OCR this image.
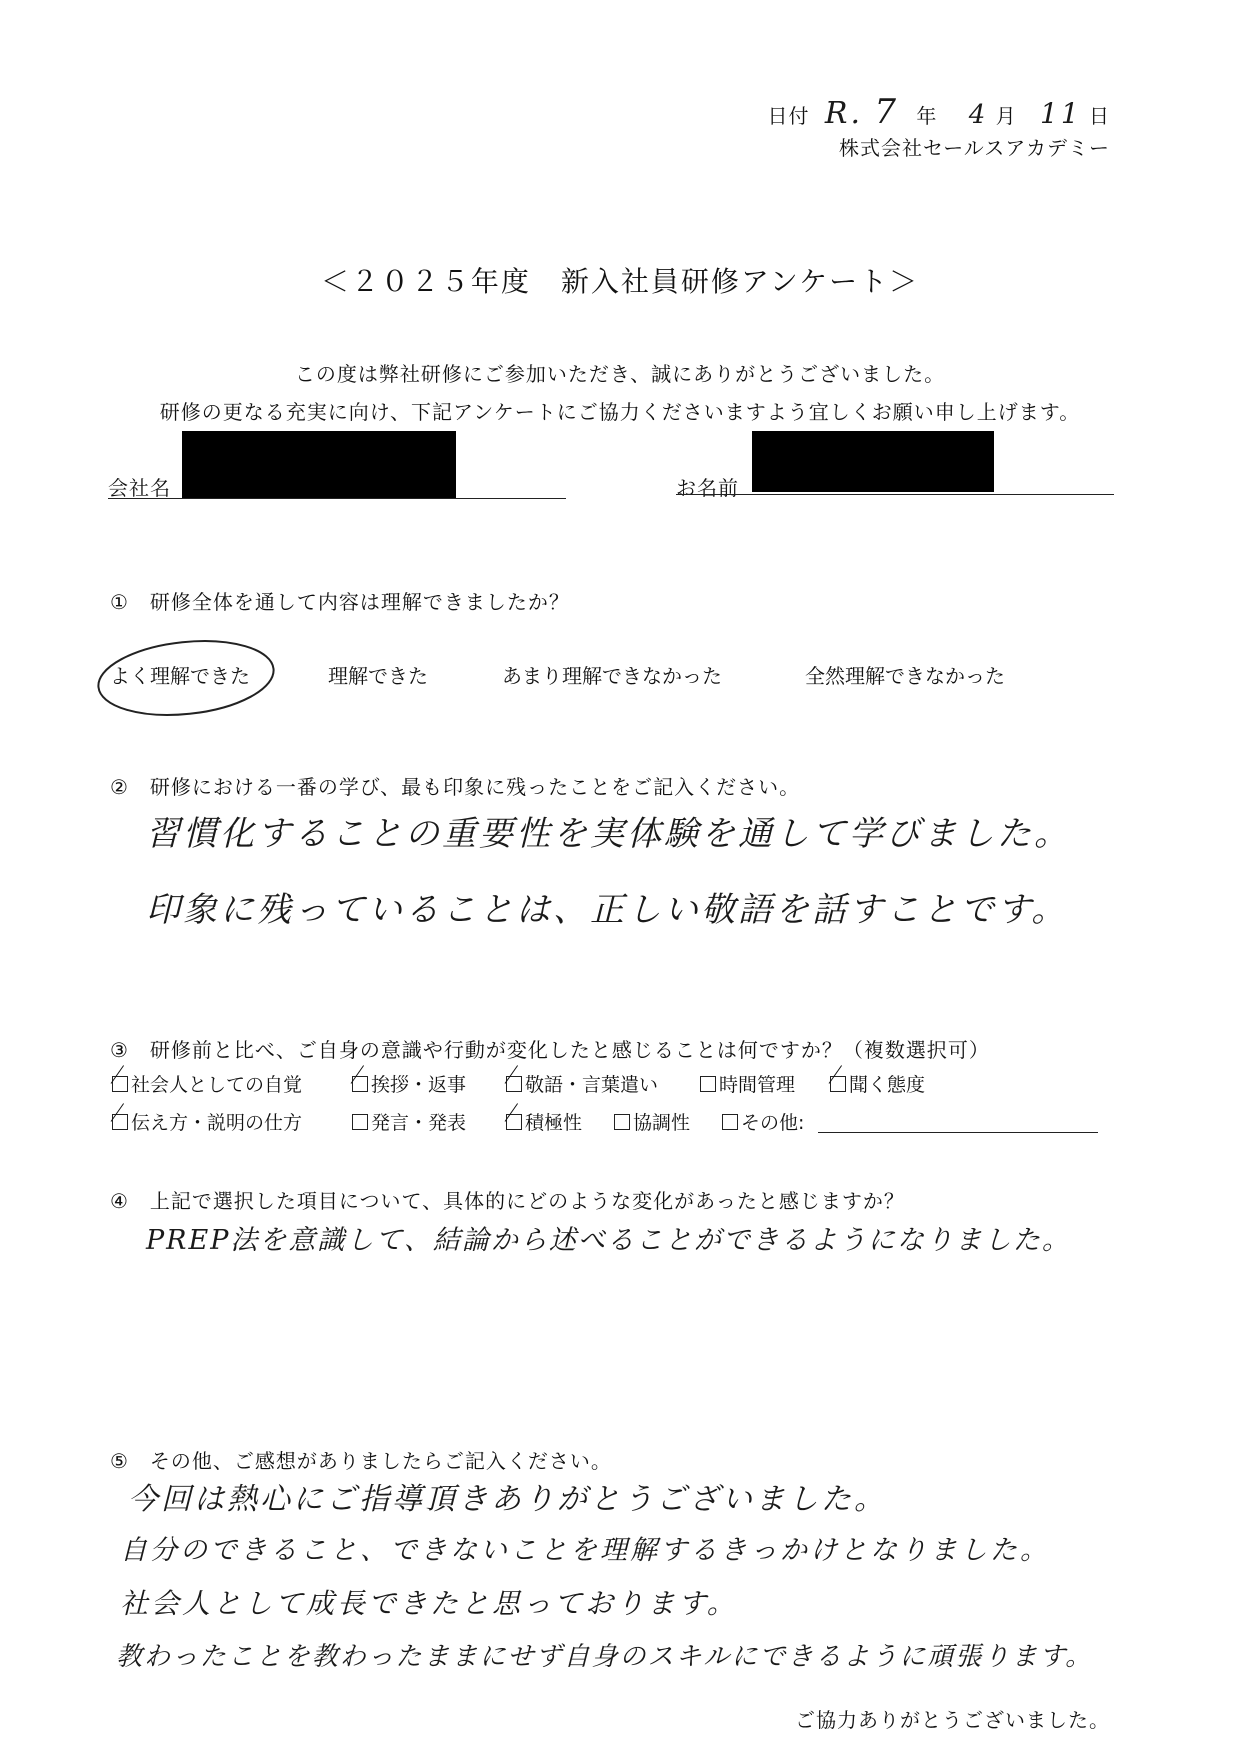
日付 R. 7 年 4 月 11 日
株式会社セールスアカデミー
＜２０２５年度　新入社員研修アンケート＞
この度は弊社研修にご参加いただき、誠にありがとうございました。
研修の更なる充実に向け、下記アンケートにご協力くださいますよう宜しくお願い申し上げます。
会社名	お名前
①　研修全体を通して内容は理解できましたか？
よく理解できた	理解できた	あまり理解できなかった	全然理解できなかった
②　研修における一番の学び、最も印象に残ったことをご記入ください。
習慣化することの重要性を実体験を通して学びました。
印象に残っていることは、正しい敬語を話すことです。
③　研修前と比べ、ご自身の意識や行動が変化したと感じることは何ですか？（複数選択可）
社会人としての自覚	挨拶・返事	敬語・言葉遣い	時間管理	聞く態度
伝え方・説明の仕方	発言・発表	積極性	協調性	その他:
④　上記で選択した項目について、具体的にどのような変化があったと感じますか？
PREP法を意識して、結論から述べることができるようになりました。
⑤　その他、ご感想がありましたらご記入ください。
今回は熱心にご指導頂きありがとうございました。
自分のできること、できないことを理解するきっかけとなりました。
社会人として成長できたと思っております。
教わったことを教わったままにせず自身のスキルにできるように頑張ります。
ご協力ありがとうございました。
